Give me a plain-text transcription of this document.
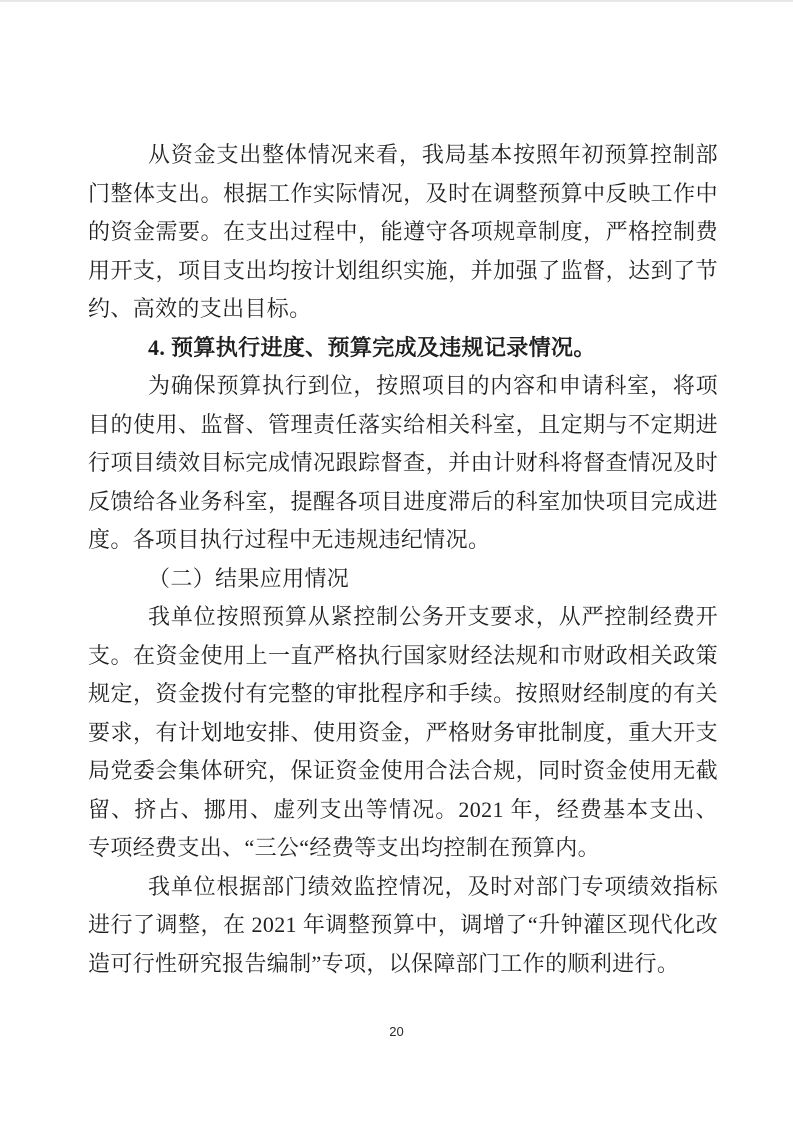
从资金支出整体情况来看，我局基本按照年初预算控制部门整体支出。根据工作实际情况，及时在调整预算中反映工作中的资金需要。在支出过程中，能遵守各项规章制度，严格控制费用开支，项目支出均按计划组织实施，并加强了监督，达到了节约、高效的支出目标。

4. 预算执行进度、预算完成及违规记录情况。

为确保预算执行到位，按照项目的内容和申请科室，将项目的使用、监督、管理责任落实给相关科室，且定期与不定期进行项目绩效目标完成情况跟踪督查，并由计财科将督查情况及时反馈给各业务科室，提醒各项目进度滞后的科室加快项目完成进度。各项目执行过程中无违规违纪情况。

（二）结果应用情况

我单位按照预算从紧控制公务开支要求，从严控制经费开支。在资金使用上一直严格执行国家财经法规和市财政相关政策规定，资金拨付有完整的审批程序和手续。按照财经制度的有关要求，有计划地安排、使用资金，严格财务审批制度，重大开支局党委会集体研究，保证资金使用合法合规，同时资金使用无截留、挤占、挪用、虚列支出等情况。2021 年，经费基本支出、专项经费支出、“三公“经费等支出均控制在预算内。

我单位根据部门绩效监控情况，及时对部门专项绩效指标进行了调整，在 2021 年调整预算中，调增了“升钟灌区现代化改造可行性研究报告编制”专项，以保障部门工作的顺利进行。

20
